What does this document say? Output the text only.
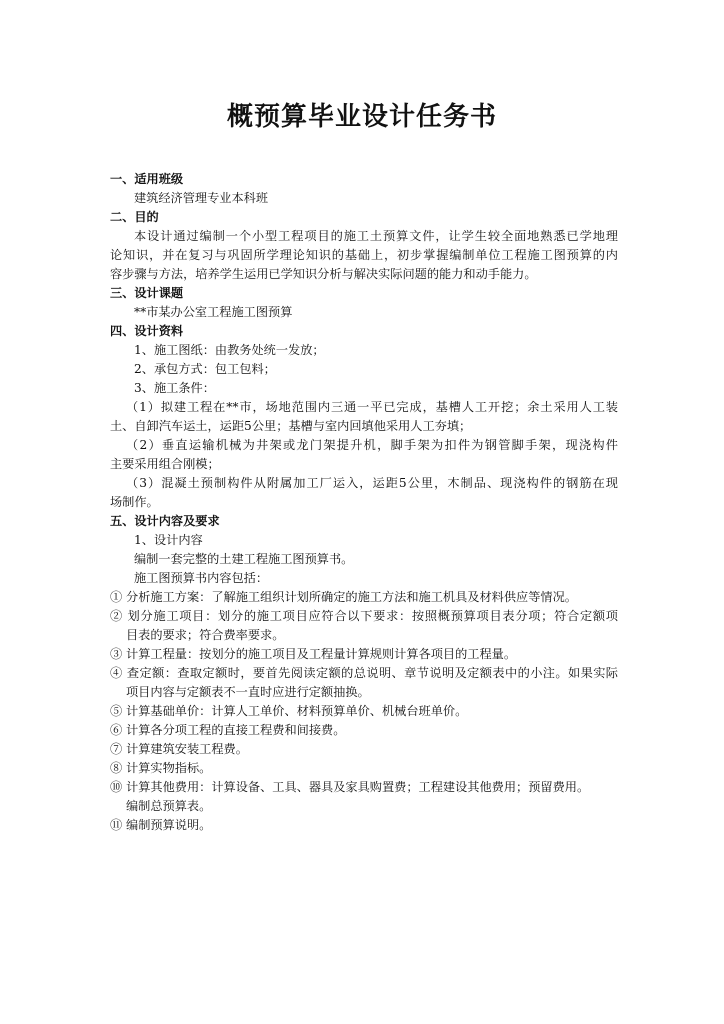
概预算毕业设计任务书
一、适用班级
建筑经济管理专业本科班
二、目的
本设计通过编制一个小型工程项目的施工土预算文件，让学生较全面地熟悉已学地理
论知识，并在复习与巩固所学理论知识的基础上，初步掌握编制单位工程施工图预算的内
容步骤与方法，培养学生运用已学知识分析与解决实际问题的能力和动手能力。
三、设计课题
**市某办公室工程施工图预算
四、设计资料
1、施工图纸：由教务处统一发放；
2、承包方式：包工包料；
3、施工条件：
（1）拟建工程在**市，场地范围内三通一平已完成，基槽人工开挖；余土采用人工装
土、自卸汽车运土，运距5公里；基槽与室内回填他采用人工夯填；
（2）垂直运输机械为井架或龙门架提升机，脚手架为扣件为钢管脚手架，现浇构件
主要采用组合刚模；
（3）混凝土预制构件从附属加工厂运入，运距5公里，木制品、现浇构件的钢筋在现
场制作。
五、设计内容及要求
1、设计内容
编制一套完整的土建工程施工图预算书。
施工图预算书内容包括：
① 分析施工方案：了解施工组织计划所确定的施工方法和施工机具及材料供应等情况。
② 划分施工项目：划分的施工项目应符合以下要求：按照概预算项目表分项；符合定额项
目表的要求；符合费率要求。
③ 计算工程量：按划分的施工项目及工程量计算规则计算各项目的工程量。
④ 查定额：查取定额时，要首先阅读定额的总说明、章节说明及定额表中的小注。如果实际
项目内容与定额表不一直时应进行定额抽换。
⑤ 计算基础单价：计算人工单价、材料预算单价、机械台班单价。
⑥ 计算各分项工程的直接工程费和间接费。
⑦ 计算建筑安装工程费。
⑧ 计算实物指标。
⑩ 计算其他费用：计算设备、工具、器具及家具购置费；工程建设其他费用；预留费用。
编制总预算表。
⑪ 编制预算说明。
